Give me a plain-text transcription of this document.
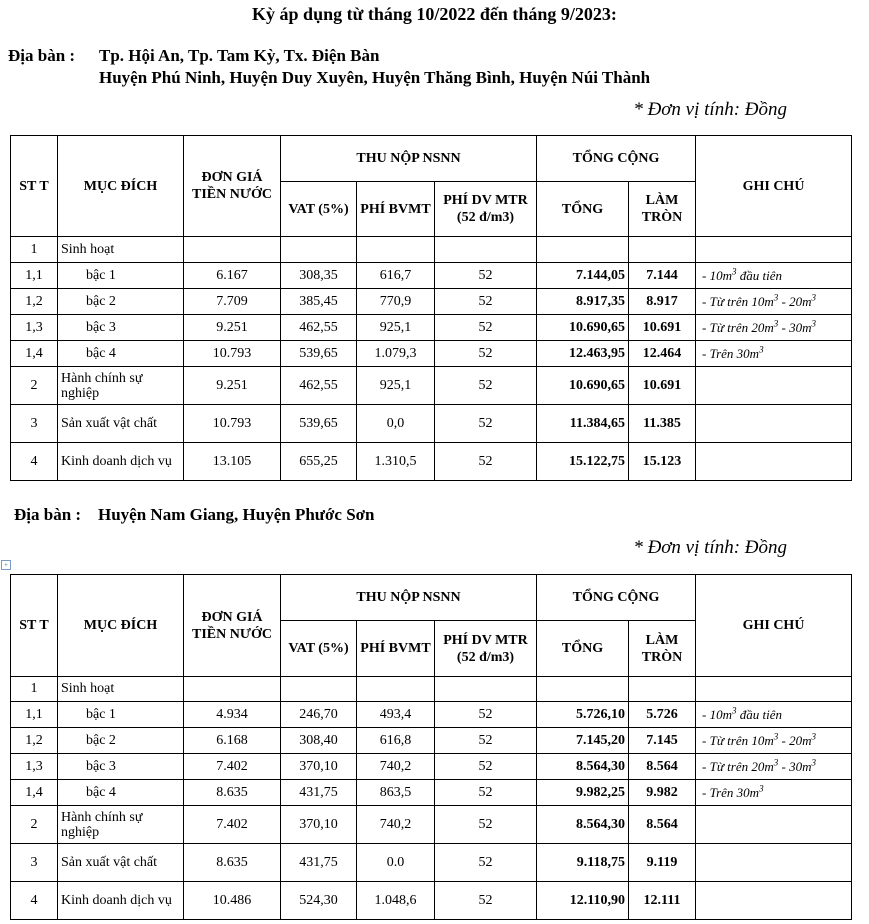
Kỳ áp dụng từ tháng 10/2022 đến tháng 9/2023:
Địa bàn : Tp. Hội An, Tp. Tam Kỳ, Tx. Điện Bàn
Huyện Phú Ninh, Huyện Duy Xuyên, Huyện Thăng Bình, Huyện Núi Thành
* Đơn vị tính: Đồng
ST T	MỤC ĐÍCH	ĐƠN GIÁ TIỀN NƯỚC	THU NỘP NSNN			TỔNG CỘNG		GHI CHÚ
			VAT (5%)	PHÍ BVMT	PHÍ DV MTR (52 đ/m3)	TỔNG	LÀM TRÒN	
1	Sinh hoạt							
1,1	bậc 1	6.167	308,35	616,7	52	7.144,05	7.144	- $10m^3$ đầu tiên
1,2	bậc 2	7.709	385,45	770,9	52	8.917,35	8.917	- Từ trên $10m^3 - 20m^3$
1,3	bậc 3	9.251	462,55	925,1	52	10.690,65	10.691	- Từ trên $20m^3 - 30m^3$
1,4	bậc 4	10.793	539,65	1.079,3	52	12.463,95	12.464	- Trên $30m^3$
2	Hành chính sự nghiệp	9.251	462,55	925,1	52	10.690,65	10.691	
3	Sản xuất vật chất	10.793	539,65	0,0	52	11.384,65	11.385	
4	Kinh doanh dịch vụ	13.105	655,25	1.310,5	52	15.122,75	15.123	
Địa bàn : Huyện Nam Giang, Huyện Phước Sơn
* Đơn vị tính: Đồng
+
ST T	MỤC ĐÍCH	ĐƠN GIÁ TIỀN NƯỚC	THU NỘP NSNN			TỔNG CỘNG		GHI CHÚ
			VAT (5%)	PHÍ BVMT	PHÍ DV MTR (52 đ/m3)	TỔNG	LÀM TRÒN	
1	Sinh hoạt							
1,1	bậc 1	4.934	246,70	493,4	52	5.726,10	5.726	- $10m^3$ đầu tiên
1,2	bậc 2	6.168	308,40	616,8	52	7.145,20	7.145	- Từ trên $10m^3 - 20m^3$
1,3	bậc 3	7.402	370,10	740,2	52	8.564,30	8.564	- Từ trên $20m^3 - 30m^3$
1,4	bậc 4	8.635	431,75	863,5	52	9.982,25	9.982	- Trên $30m^3$
2	Hành chính sự nghiệp	7.402	370,10	740,2	52	8.564,30	8.564	
3	Sản xuất vật chất	8.635	431,75	0.0	52	9.118,75	9.119	
4	Kinh doanh dịch vụ	10.486	524,30	1.048,6	52	12.110,90	12.111	
